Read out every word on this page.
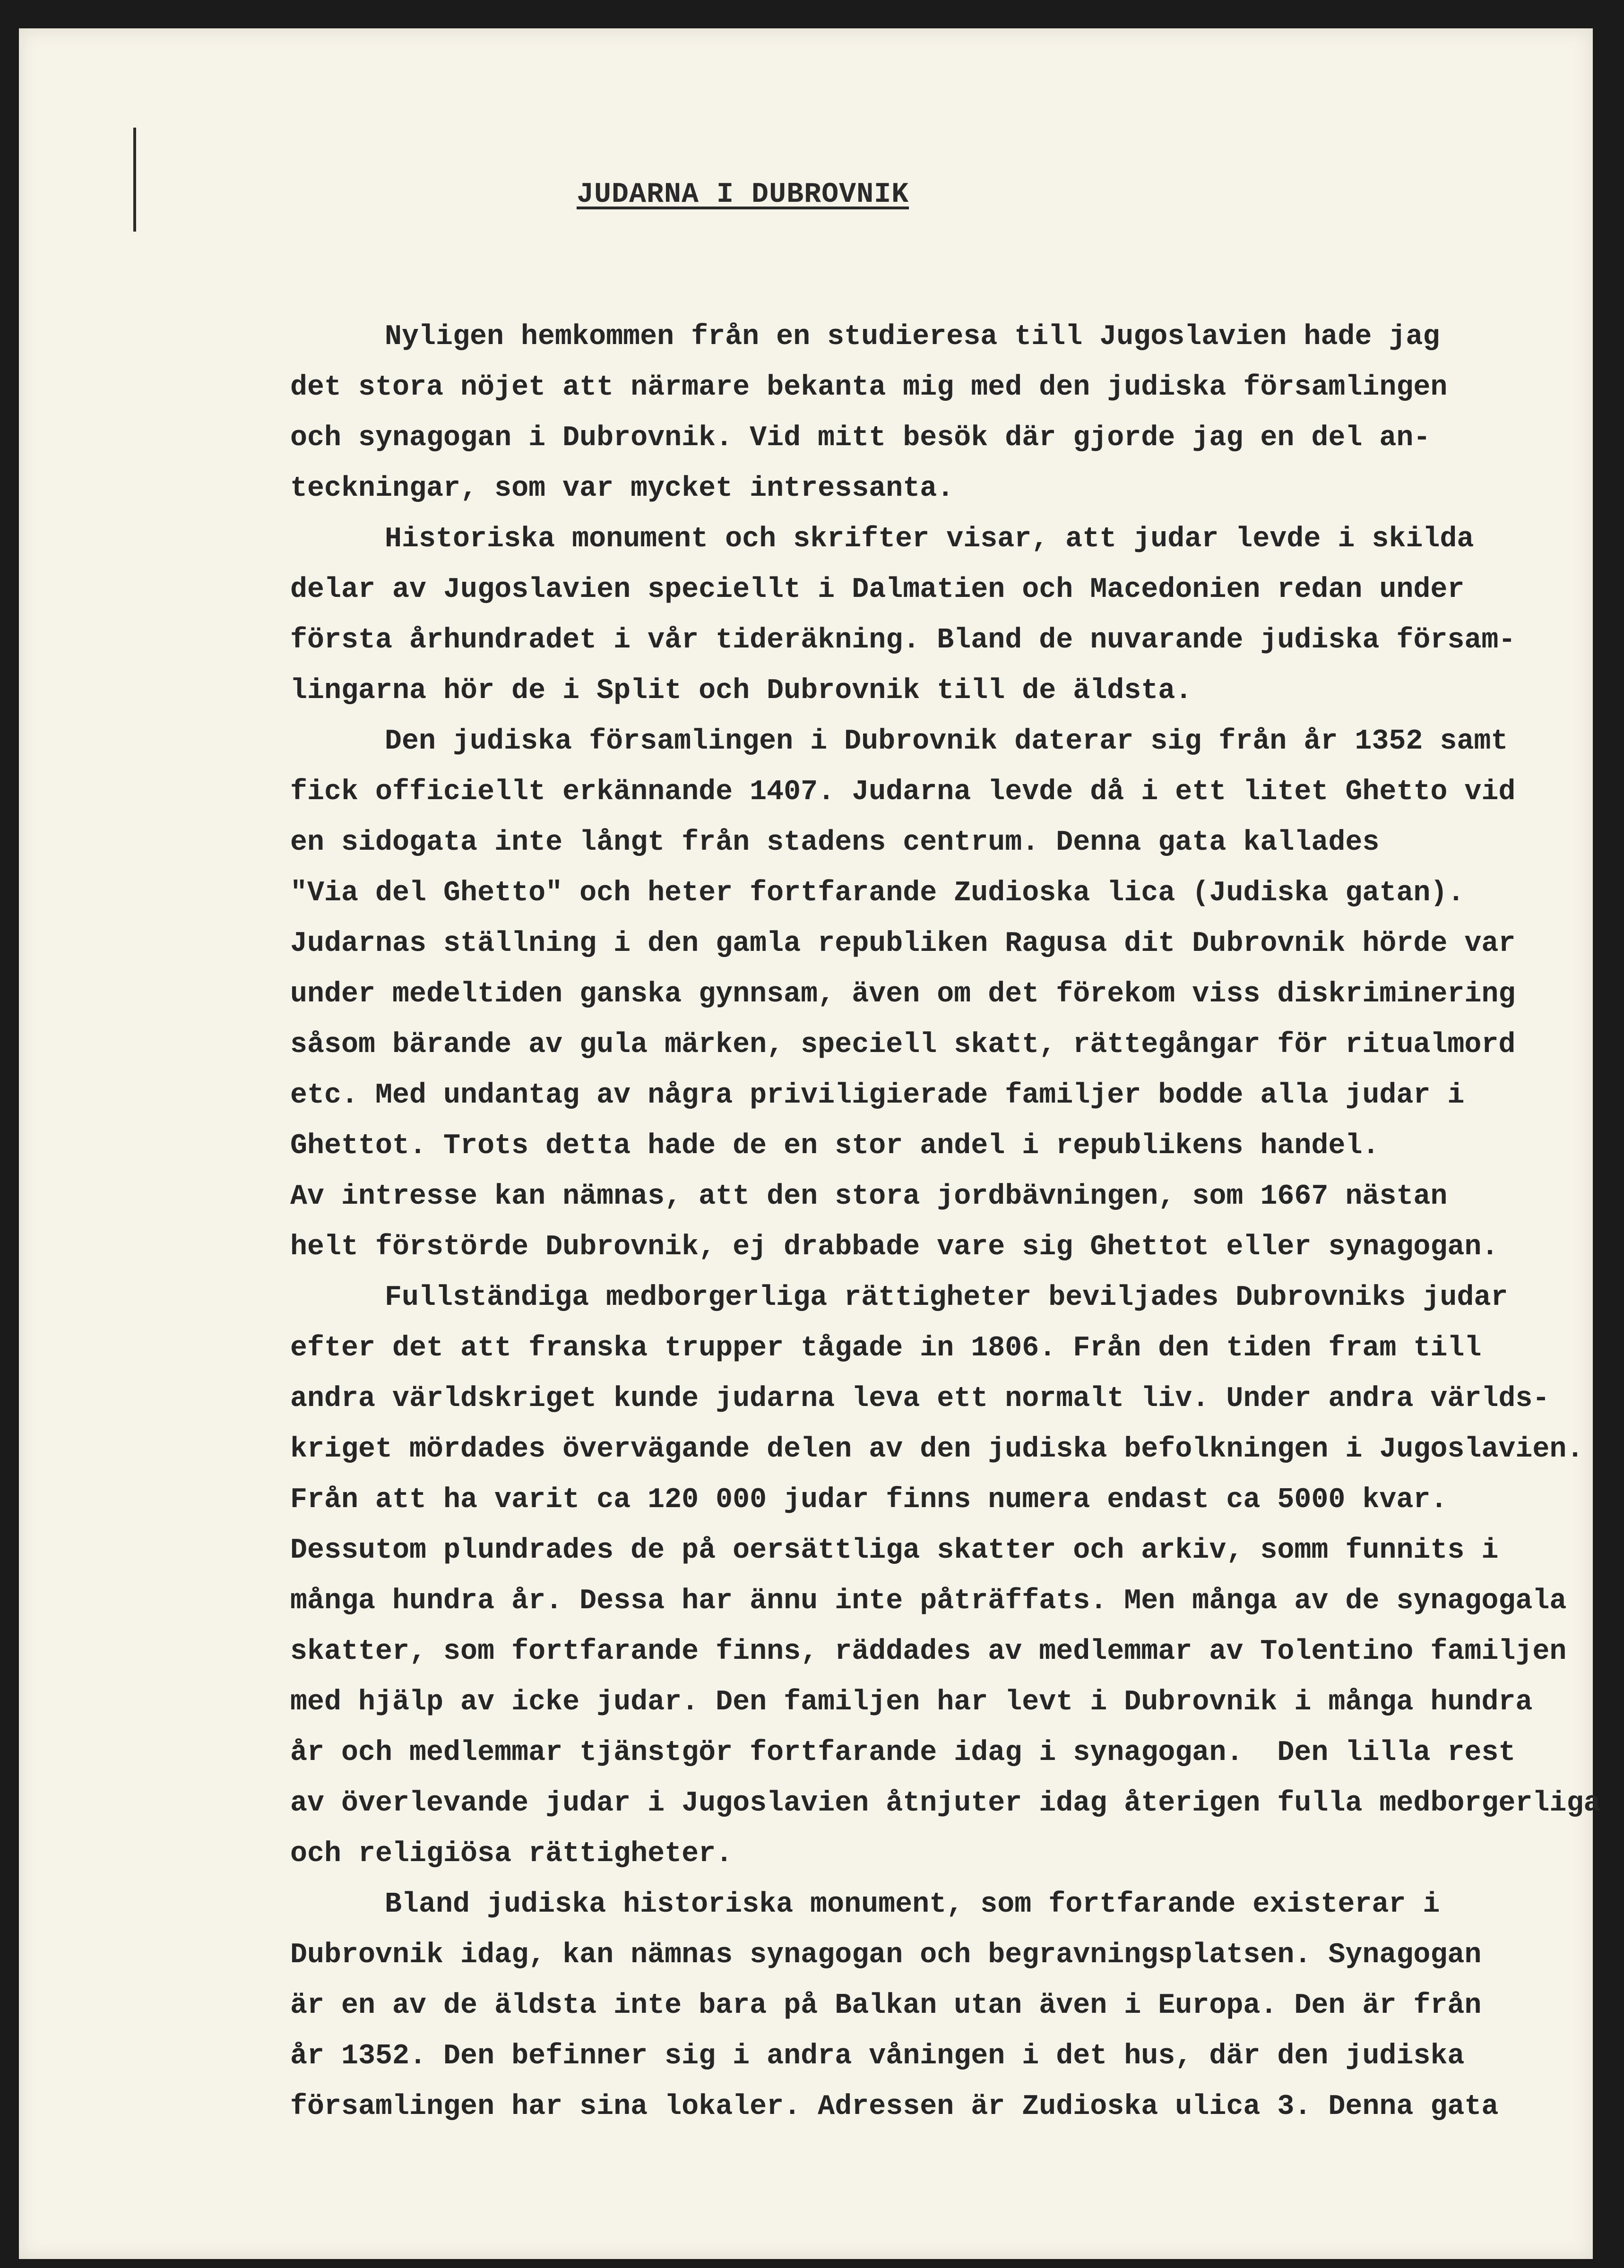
JUDARNA I DUBROVNIK
Nyligen hemkommen från en studieresa till Jugoslavien hade jag
det stora nöjet att närmare bekanta mig med den judiska församlingen
och synagogan i Dubrovnik. Vid mitt besök där gjorde jag en del an-
teckningar, som var mycket intressanta.
Historiska monument och skrifter visar, att judar levde i skilda
delar av Jugoslavien speciellt i Dalmatien och Macedonien redan under
första århundradet i vår tideräkning. Bland de nuvarande judiska försam-
lingarna hör de i Split och Dubrovnik till de äldsta.
Den judiska församlingen i Dubrovnik daterar sig från år 1352 samt
fick officiellt erkännande 1407. Judarna levde då i ett litet Ghetto vid
en sidogata inte långt från stadens centrum. Denna gata kallades
"Via del Ghetto" och heter fortfarande Zudioska lica (Judiska gatan).
Judarnas ställning i den gamla republiken Ragusa dit Dubrovnik hörde var
under medeltiden ganska gynnsam, även om det förekom viss diskriminering
såsom bärande av gula märken, speciell skatt, rättegångar för ritualmord
etc. Med undantag av några priviligierade familjer bodde alla judar i
Ghettot. Trots detta hade de en stor andel i republikens handel.
Av intresse kan nämnas, att den stora jordbävningen, som 1667 nästan
helt förstörde Dubrovnik, ej drabbade vare sig Ghettot eller synagogan.
Fullständiga medborgerliga rättigheter beviljades Dubrovniks judar
efter det att franska trupper tågade in 1806. Från den tiden fram till
andra världskriget kunde judarna leva ett normalt liv. Under andra världs-
kriget mördades övervägande delen av den judiska befolkningen i Jugoslavien.
Från att ha varit ca 120 000 judar finns numera endast ca 5000 kvar.
Dessutom plundrades de på oersättliga skatter och arkiv, somm funnits i
många hundra år. Dessa har ännu inte påträffats. Men många av de synagogala
skatter, som fortfarande finns, räddades av medlemmar av Tolentino familjen
med hjälp av icke judar. Den familjen har levt i Dubrovnik i många hundra
år och medlemmar tjänstgör fortfarande idag i synagogan.  Den lilla rest
av överlevande judar i Jugoslavien åtnjuter idag återigen fulla medborgerliga
och religiösa rättigheter.
Bland judiska historiska monument, som fortfarande existerar i
Dubrovnik idag, kan nämnas synagogan och begravningsplatsen. Synagogan
är en av de äldsta inte bara på Balkan utan även i Europa. Den är från
år 1352. Den befinner sig i andra våningen i det hus, där den judiska
församlingen har sina lokaler. Adressen är Zudioska ulica 3. Denna gata
